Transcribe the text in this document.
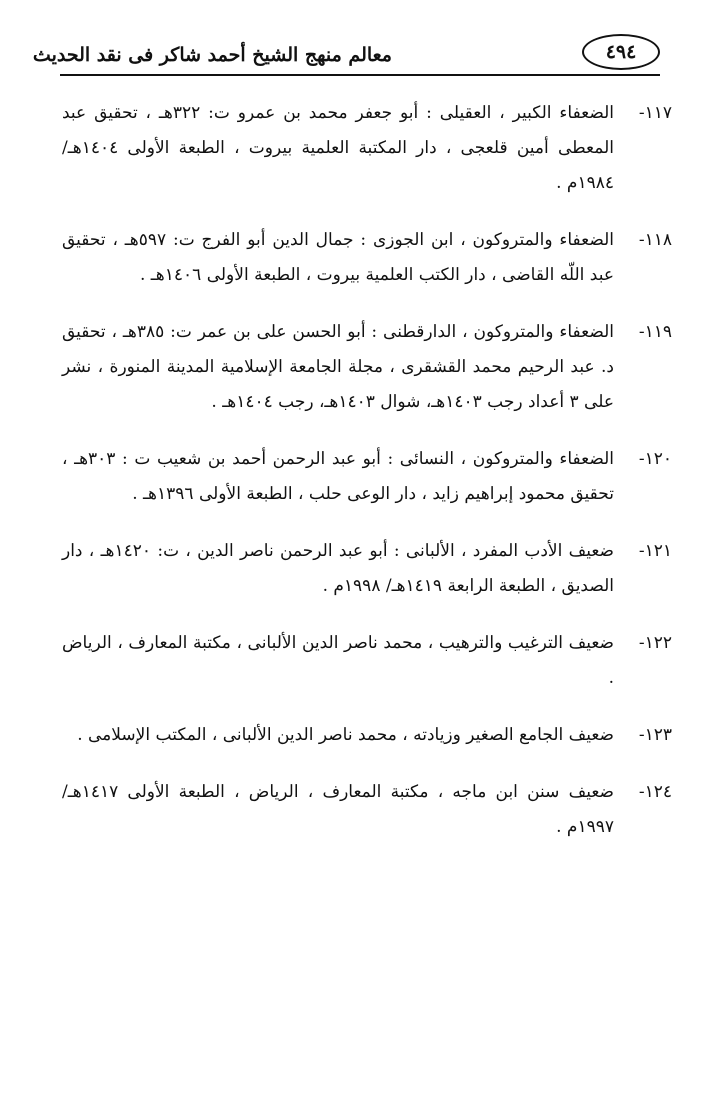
معالم منهج الشيخ أحمد شاكر فى نقد الحديث	٤٩٤
١١٧-
الضعفاء الكبير ، العقيلى : أبو جعفر محمد بن عمرو ت: ٣٢٢هـ ، تحقيق عبد المعطى أمين قلعجى ، دار المكتبة العلمية بيروت ، الطبعة الأولى ١٤٠٤هـ/ ١٩٨٤م .
١١٨-
الضعفاء والمتروكون ، ابن الجوزى : جمال الدين أبو الفرج ت: ٥٩٧هـ ، تحقيق عبد اللّه القاضى ، دار الكتب العلمية بيروت ، الطبعة الأولى ١٤٠٦هـ .
١١٩-
الضعفاء والمتروكون ، الدارقطنى : أبو الحسن على بن عمر ت: ٣٨٥هـ ، تحقيق د. عبد الرحيم محمد القشقرى ، مجلة الجامعة الإسلامية المدينة المنورة ، نشر على ٣ أعداد رجب ١٤٠٣هـ، شوال ١٤٠٣هـ، رجب ١٤٠٤هـ .
١٢٠-
الضعفاء والمتروكون ، النسائى : أبو عبد الرحمن أحمد بن شعيب ت : ٣٠٣هـ ، تحقيق محمود إبراهيم زايد ، دار الوعى حلب ، الطبعة الأولى ١٣٩٦هـ .
١٢١-
ضعيف الأدب المفرد ، الألبانى : أبو عبد الرحمن ناصر الدين ، ت: ١٤٢٠هـ ، دار الصديق ، الطبعة الرابعة ١٤١٩هـ/ ١٩٩٨م .
١٢٢-
ضعيف الترغيب والترهيب ، محمد ناصر الدين الألبانى ، مكتبة المعارف ، الرياض .
١٢٣-
ضعيف الجامع الصغير وزيادته ، محمد ناصر الدين الألبانى ، المكتب الإسلامى .
١٢٤-
ضعيف سنن ابن ماجه ، مكتبة المعارف ، الرياض ، الطبعة الأولى ١٤١٧هـ/ ١٩٩٧م .
